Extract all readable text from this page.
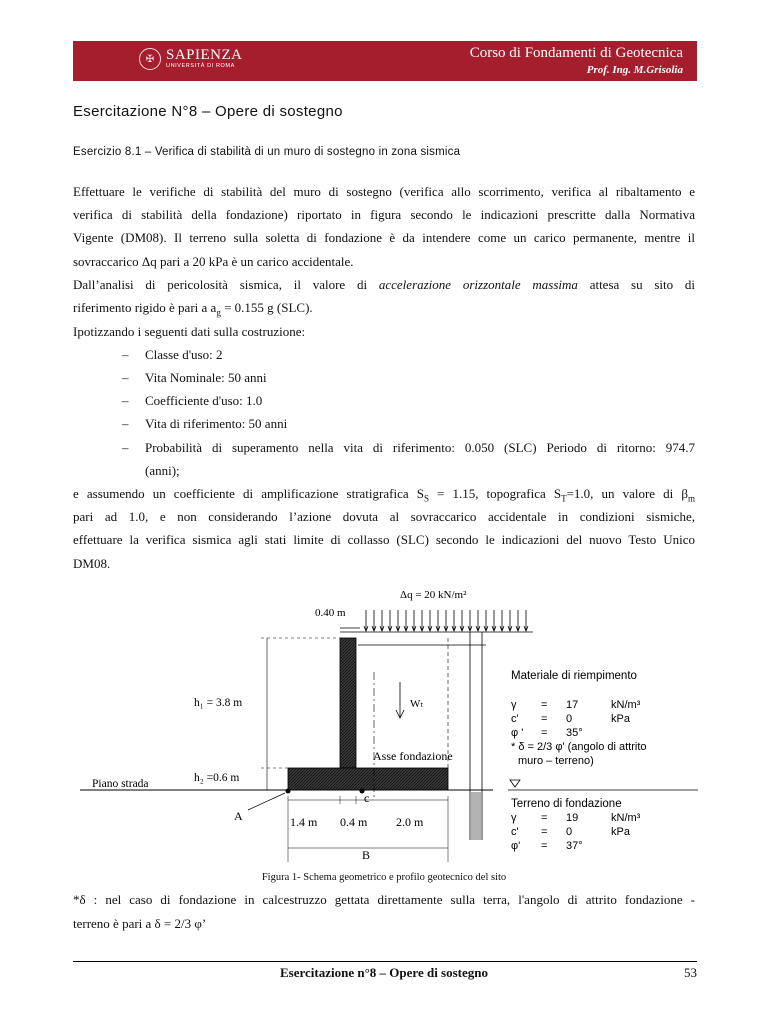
✠ SAPIENZA
UNIVERSITÀ DI ROMA
Corso di Fondamenti di Geotecnica
Prof. Ing. M.Grisolia
Esercitazione N°8 – Opere di sostegno
Esercizio 8.1 – Verifica di stabilità di un muro di sostegno in zona sismica
Effettuare le verifiche di stabilità del muro di sostegno (verifica allo scorrimento, verifica al ribaltamento e
verifica di stabilità della fondazione) riportato in figura secondo le indicazioni prescritte dalla Normativa
Vigente (DM08). Il terreno sulla soletta di fondazione è da intendere come un carico permanente, mentre il
sovraccarico Δq pari a 20 kPa è un carico accidentale.
Dall’analisi di pericolosità sismica, il valore di accelerazione orizzontale massima attesa su sito di
riferimento rigido è pari a $a_g = 0.155$ g (SLC).
Ipotizzando i seguenti dati sulla costruzione:
– Classe d'uso: 2
– Vita Nominale: 50 anni
– Coefficiente d'uso: 1.0
– Vita di riferimento: 50 anni
–	Probabilità di superamento nella vita di riferimento: 0.050 (SLC) Periodo di ritorno: 974.7
(anni);
e assumendo un coefficiente di amplificazione stratigrafica $S_S = 1.15$, topografica $S_T=1.0$, un valore di $\beta_m$
pari ad 1.0, e non considerando l’azione dovuta al sovraccarico accidentale in condizioni sismiche,
effettuare la verifica sismica agli stati limite di collasso (SLC) secondo le indicazioni del nuovo Testo Unico
DM08.
Δq = 20 kN/m²
0.40 m
Wₜ
Asse fondazione
Piano strada
h₁ = 3.8 m
h₂ =0.6 m
A
c
1.4 m 0.4 m 2.0 m
B
Materiale di riempimento
γ = 17	kN/m³
c' = 0	kPa
φ ' = 35°
* δ = 2/3 φ' (angolo di attrito
muro – terreno)
Terreno di fondazione
γ = 19	kN/m³
c' = 0	kPa
φ' = 37°
Figura 1- Schema geometrico e profilo geotecnico del sito
*δ : nel caso di fondazione in calcestruzzo gettata direttamente sulla terra, l'angolo di attrito fondazione -
terreno è pari a δ = 2/3 φ’
Esercitazione n°8 – Opere di sostegno	53
